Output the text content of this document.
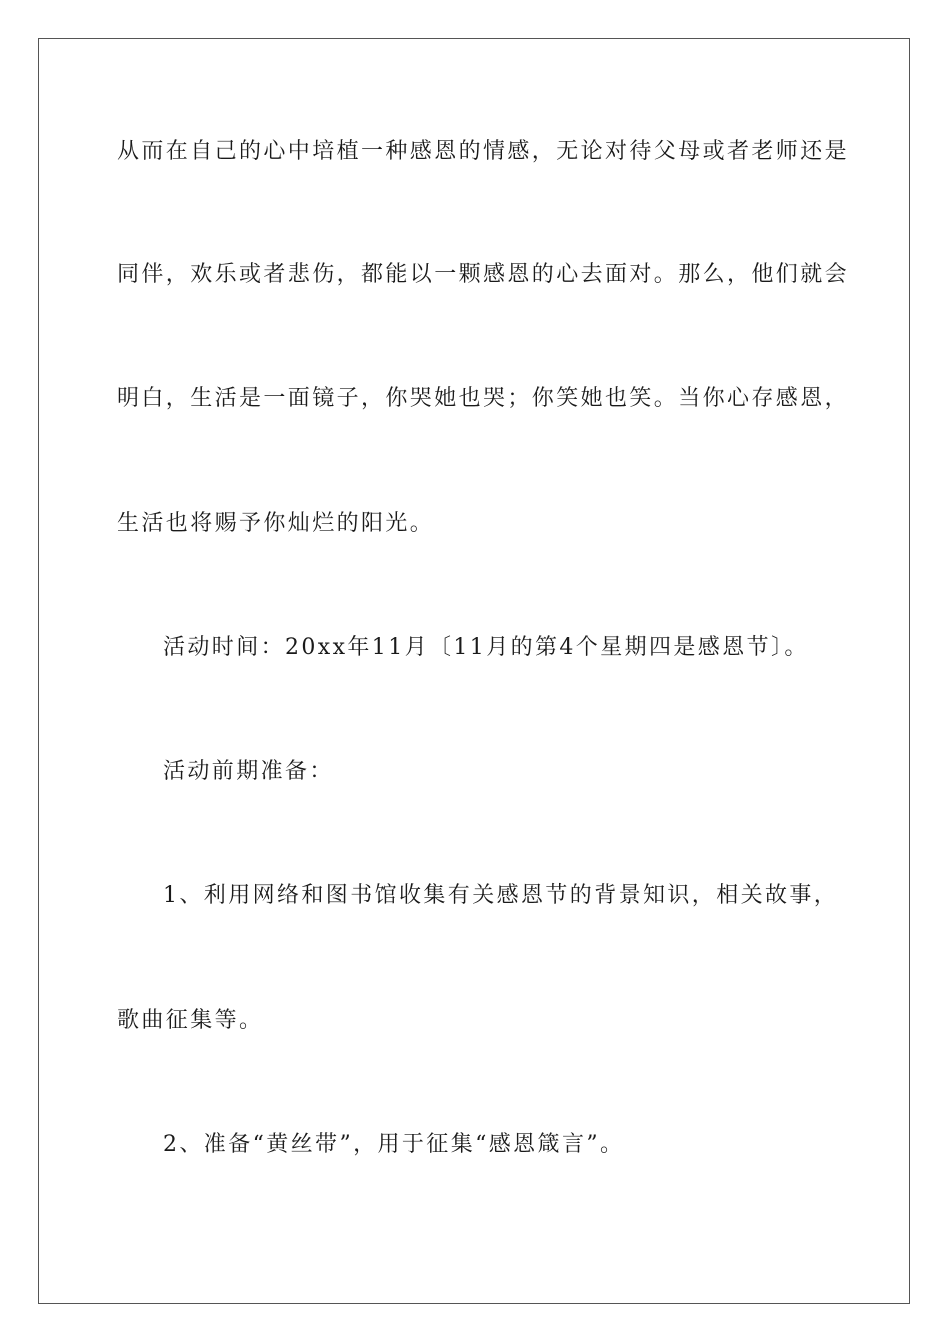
从而在自己的心中培植一种感恩的情感，无论对待父母或者老师还是
同伴，欢乐或者悲伤，都能以一颗感恩的心去面对。那么，他们就会
明白，生活是一面镜子，你哭她也哭；你笑她也笑。当你心存感恩，
生活也将赐予你灿烂的阳光。
活动时间：20xx年11月〔11月的第4个星期四是感恩节〕。
活动前期准备：
1、利用网络和图书馆收集有关感恩节的背景知识，相关故事，
歌曲征集等。
2、准备“黄丝带”，用于征集“感恩箴言”。
